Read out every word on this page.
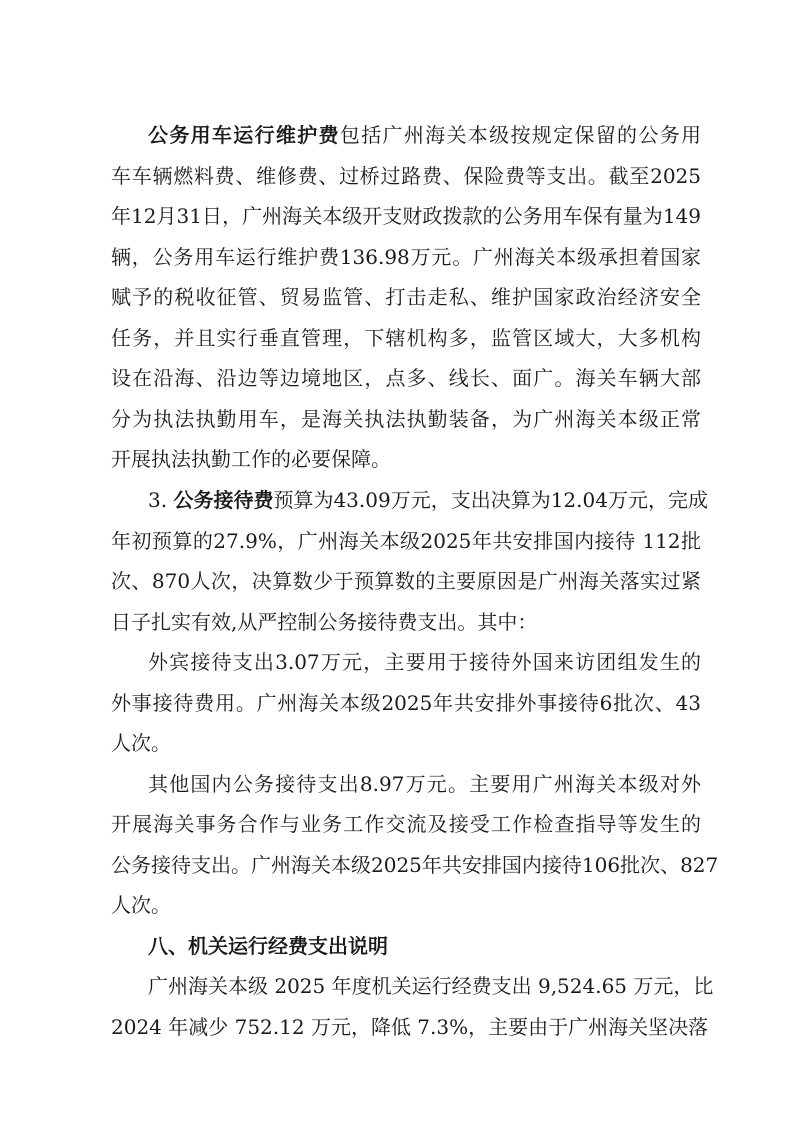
公务用车运行维护费包括广州海关本级按规定保留的公务用
车车辆燃料费、维修费、过桥过路费、保险费等支出。截至2025
年12月31日，广州海关本级开支财政拨款的公务用车保有量为149
辆，公务用车运行维护费136.98万元。广州海关本级承担着国家
赋予的税收征管、贸易监管、打击走私、维护国家政治经济安全
任务，并且实行垂直管理，下辖机构多，监管区域大，大多机构
设在沿海、沿边等边境地区，点多、线长、面广。海关车辆大部
分为执法执勤用车，是海关执法执勤装备，为广州海关本级正常
开展执法执勤工作的必要保障。
3. 公务接待费预算为43.09万元，支出决算为12.04万元，完成
年初预算的27.9%，广州海关本级2025年共安排国内接待 112批
次、870人次，决算数少于预算数的主要原因是广州海关落实过紧
日子扎实有效,从严控制公务接待费支出。其中：
外宾接待支出3.07万元，主要用于接待外国来访团组发生的
外事接待费用。广州海关本级2025年共安排外事接待6批次、43
人次。
其他国内公务接待支出8.97万元。主要用广州海关本级对外
开展海关事务合作与业务工作交流及接受工作检查指导等发生的
公务接待支出。广州海关本级2025年共安排国内接待106批次、827
人次。
八、机关运行经费支出说明
广州海关本级 2025 年度机关运行经费支出 9,524.65 万元，比
2024 年减少 752.12 万元，降低 7.3%，主要由于广州海关坚决落
